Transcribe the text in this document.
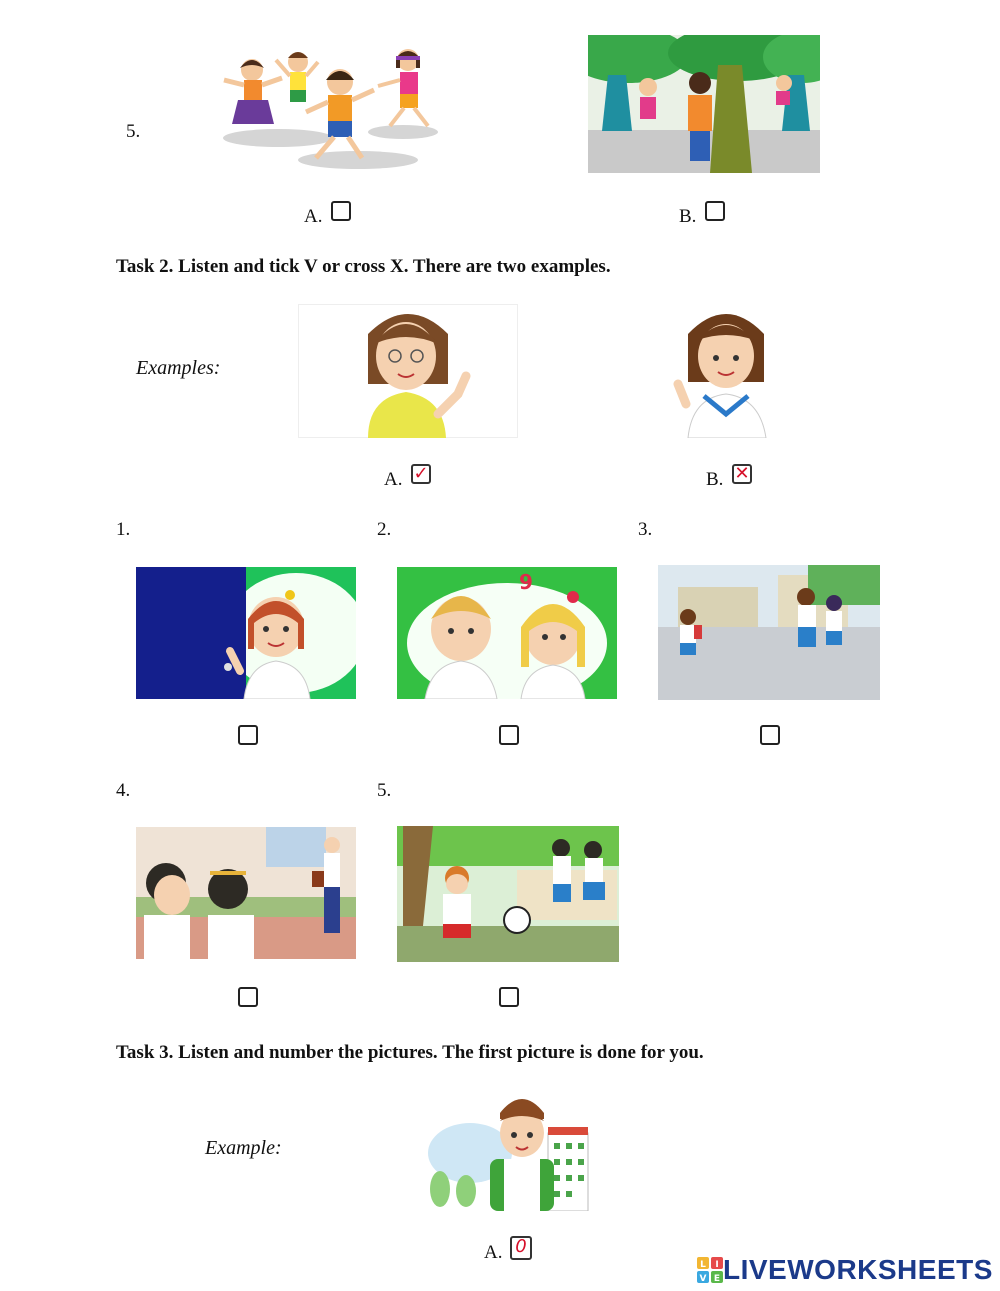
5.
A.	B.
Task 2. Listen and tick V or cross X. There are two examples.
Examples:
A. ✓	B. ✕
1.	2.	3.
9
4.	5.
Task 3. Listen and number the pictures. The first picture is done for you.
Example:
A. 0
L I
V E LIVEWORKSHEETS
